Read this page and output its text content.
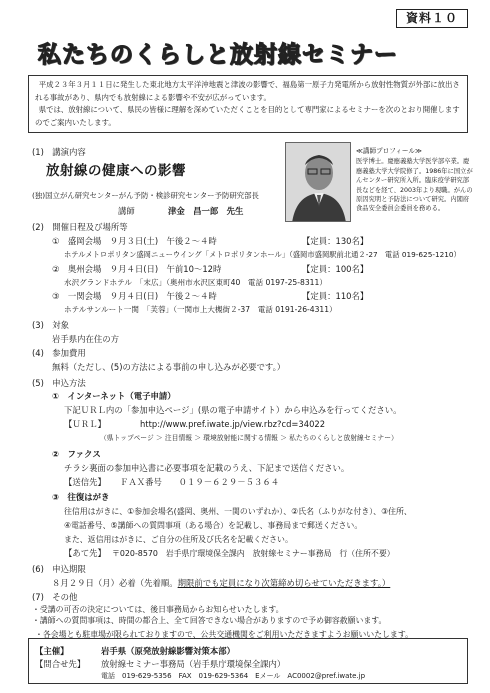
資料１０
私たちのくらしと放射線セミナー

平成２３年３月１１日に発生した東北地方太平洋沖地震と津波の影響で、福島第一原子力発電所から放射性物質が外部に放出される事故があり、県内でも放射線による影響や不安が広がっています。

県では、放射線について、県民の皆様に理解を深めていただくことを目的として専門家によるセミナーを次のとおり開催しますのでご案内いたします。

(1)　講演内容
放射線の健康への影響
(独)国立がん研究センターがん予防・検診研究センター予防研究部長
講師	津金　昌一郎　先生
≪講師プロフィール≫
医学博士。慶應義塾大学医学部卒業。慶應義塾大学大学院修了。1986年に国立がんセンター研究所入所。臨床疫学研究部長などを経て、2003年より現職。がんの原因究明と予防法について研究。内閣府食品安全委員会委員を務める。
(2)　開催日程及び場所等
①　盛岡会場　９月３日(土)　午後２～４時	【定員：130名】
ホテルメトロポリタン盛岡ニューウイング「メトロポリタンホール」（盛岡市盛岡駅前北通２-27　電話 019-625-1210）
②　奥州会場　９月４日(日)　午前10～12時	【定員：100名】
水沢グランドホテル　「末広」（奥州市水沢区東町40　電話 0197-25-8311）
③　一関会場　９月４日(日)　午後２～４時	【定員：110名】
ホテルサンルート一関　「芙蓉」（一関市上大槻街２-37　電話 0191-26-4311）
(3)　対象
岩手県内在住の方
(4)　参加費用
無料（ただし、(5)の方法による事前の申し込みが必要です。）
(5)　申込方法
①　インターネット（電子申請）
下記ＵＲＬ内の「参加申込ページ」(県の電子申請サイト）から申込みを行ってください。
【ＵＲＬ】	http://www.pref.iwate.jp/view.rbz?cd=34022
（県トップページ ＞ 注目情報 ＞ 環境放射能に関する情報 ＞ 私たちのくらしと放射線セミナー）
②　ファクス
チラシ裏面の参加申込書に必要事項を記載のうえ、下記まで送信ください。
【送信先】 ＦＡＸ番号　　０１９－６２９－５３６４
③　往復はがき
往信用はがきに、①参加会場名(盛岡、奥州、一関のいずれか）、②氏名（ふりがな付き）、③住所、
④電話番号、⑤講師への質問事項（ある場合）を記載し、事務局まで郵送ください。
また、返信用はがきに、ご自分の住所及び氏名を記載ください。
【あて先】 〒020-8570　岩手県庁環境保全課内　放射線セミナー事務局　行（住所不要）
(6)　申込期限
８月２９日（月）必着（先着順。期限前でも定員になり次第締め切らせていただきます。）
(7)　その他
・受講の可否の決定については、後日事務局からお知らせいたします。
・講師への質問事項は、時間の都合上、全て回答できない場合がありますので予め御容赦願います。
・各会場とも駐車場が限られておりますので、公共交通機関をご利用いただきますようお願いいたします。
【主催】	岩手県（原発放射線影響対策本部）
【問合せ先】 放射線セミナー事務局（岩手県庁環境保全課内）
電話　019-629-5356　FAX　019-629-5364　Eメール　AC0002@pref.iwate.jp
